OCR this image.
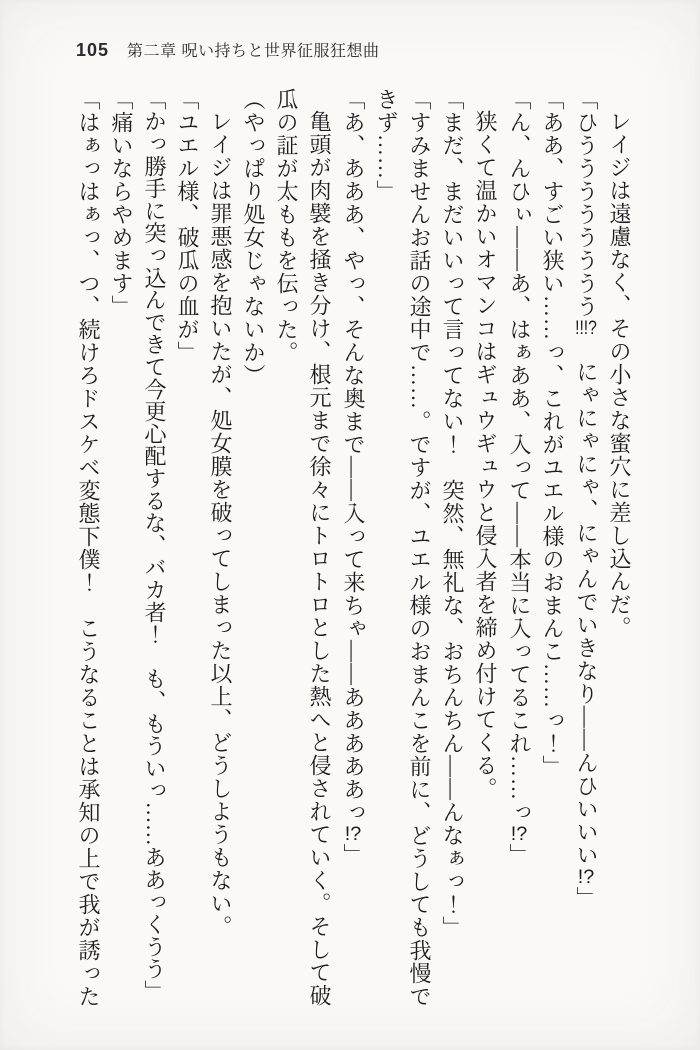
105 第二章 呪い持ちと世界征服狂想曲

レイジは遠慮なく、その小さな蜜穴に差し込んだ。

「ひうううううううう!!!?　にゃにゃにゃ、にゃんでいきなり――んひいいい!?」

「ああ、すごい狭い……っ、これがユエル様のおまんこ……っ！」

「ん、んひぃ――あ、はぁああ、入って――本当に入ってるこれ……っ!?」

狭くて温かいオマンコはギュウギュウと侵入者を締め付けてくる。

「まだ、まだいいって言ってない！　突然、無礼な、おちんちん――んなぁっ！」

「すみませんお話の途中で……。ですが、ユエル様のおまんこを前に、どうしても我慢できず……」

「あ、あああ、やっ、そんな奥まで――入って来ちゃ――あああああっ!?」

亀頭が肉襞を掻き分け、根元まで徐々にトロトロとした熱へと侵されていく。そして破瓜の証が太ももを伝った。

（やっぱり処女じゃないか）

レイジは罪悪感を抱いたが、処女膜を破ってしまった以上、どうしようもない。

「ユエル様、破瓜の血が」

「かっ勝手に突っ込んできて今更心配するな、バカ者！　も、もういっ……ああっくうう」

「痛いならやめます」

「はぁっはぁっ、つ、続けろドスケベ変態下僕！　こうなることは承知の上で我が誘った
